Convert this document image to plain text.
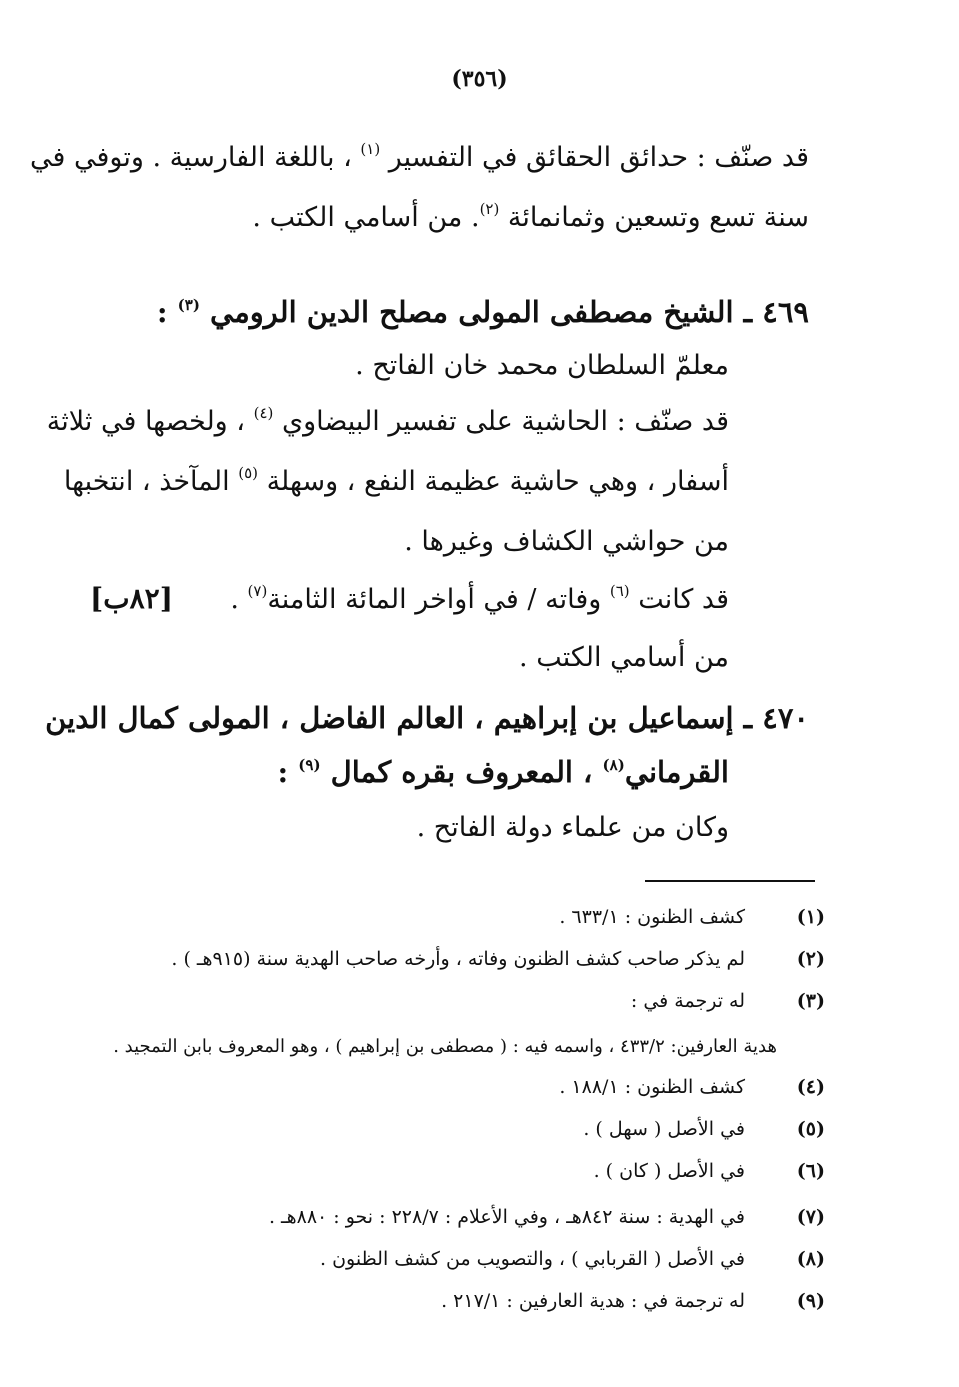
(٣٥٦)
قد صنّف : حدائق الحقائق في التفسير $^{(١)}$ ، باللغة الفارسية . وتوفي في
سنة تسع وتسعين وثمانمائة $^{(٢)}$. من أسامي الكتب .
٤٦٩ ـ الشيخ مصطفى المولى مصلح الدين الرومي $^{(٣)}$ :
معلمّ السلطان محمد خان الفاتح .
قد صنّف : الحاشية على تفسير البيضاوي $^{(٤)}$ ، ولخصها في ثلاثة
أسفار ، وهي حاشية عظيمة النفع ، وسهلة $^{(٥)}$ المآخذ ، انتخبها
من حواشي الكشاف وغيرها .
قد كانت $^{(٦)}$ وفاته / في أواخر المائة الثامنة$^{(٧)}$ .
من أسامي الكتب .
٤٧٠ ـ إسماعيل بن إبراهيم ، العالم الفاضل ، المولى كمال الدين
القرماني$^{(٨)}$ ، المعروف بقره كمال $^{(٩)}$ :
وكان من علماء دولة الفاتح .
[٨٢ب]
(١)
كشف الظنون : ٦٣٣/١ .
(٢)
لم يذكر صاحب كشف الظنون وفاته ، وأرخه صاحب الهدية سنة (٩١٥هـ ) .
(٣)
له ترجمة في :
هدية العارفين: ٤٣٣/٢ ، واسمه فيه : ( مصطفى بن إبراهيم ) ، وهو المعروف بابن التمجيد .
(٤)
كشف الظنون : ١٨٨/١ .
(٥)
في الأصل ( سهل ) .
(٦)
في الأصل ( كان ) .
(٧)
في الهدية : سنة ٨٤٢هـ ، وفي الأعلام : ٢٢٨/٧ : نحو : ٨٨٠هـ .
(٨)
في الأصل ( القربابي ) ، والتصويب من كشف الظنون .
(٩)
له ترجمة في : هدية العارفين : ٢١٧/١ .
